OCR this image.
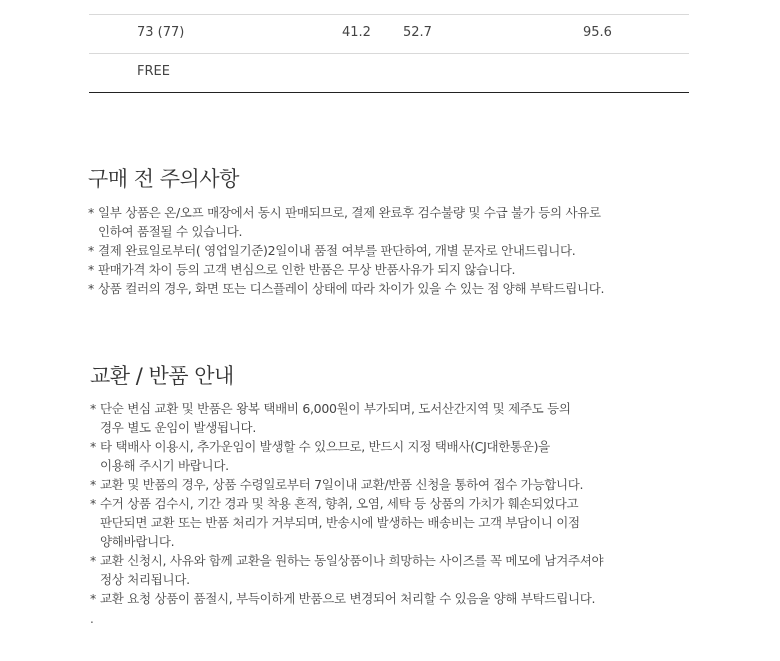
73 (77)	41.2 52.7	95.6
FREE
구매 전 주의사항
* 일부 상품은 온/오프 매장에서 동시 판매되므로, 결제 완료후 검수불량 및 수급 불가 등의 사유로
인하여 품절될 수 있습니다.
* 결제 완료일로부터( 영업일기준)2일이내 품절 여부를 판단하여, 개별 문자로 안내드립니다.
* 판매가격 차이 등의 고객 변심으로 인한 반품은 무상 반품사유가 되지 않습니다.
* 상품 컬러의 경우, 화면 또는 디스플레이 상태에 따라 차이가 있을 수 있는 점 양해 부탁드립니다.
교환 / 반품 안내
* 단순 변심 교환 및 반품은 왕복 택배비 6,000원이 부가되며, 도서산간지역 및 제주도 등의
경우 별도 운임이 발생됩니다.
* 타 택배사 이용시, 추가운임이 발생할 수 있으므로, 반드시 지정 택배사(CJ대한통운)을
이용해 주시기 바랍니다.
* 교환 및 반품의 경우, 상품 수령일로부터 7일이내 교환/반품 신청을 통하여 접수 가능합니다.
* 수거 상품 검수시, 기간 경과 및 착용 흔적, 향취, 오염, 세탁 등 상품의 가치가 훼손되었다고
판단되면 교환 또는 반품 처리가 거부되며, 반송시에 발생하는 배송비는 고객 부담이니 이점
양해바랍니다.
* 교환 신청시, 사유와 함께 교환을 원하는 동일상품이나 희망하는 사이즈를 꼭 메모에 남겨주셔야
정상 처리됩니다.
* 교환 요청 상품이 품절시, 부득이하게 반품으로 변경되어 처리할 수 있음을 양해 부탁드립니다.
.
